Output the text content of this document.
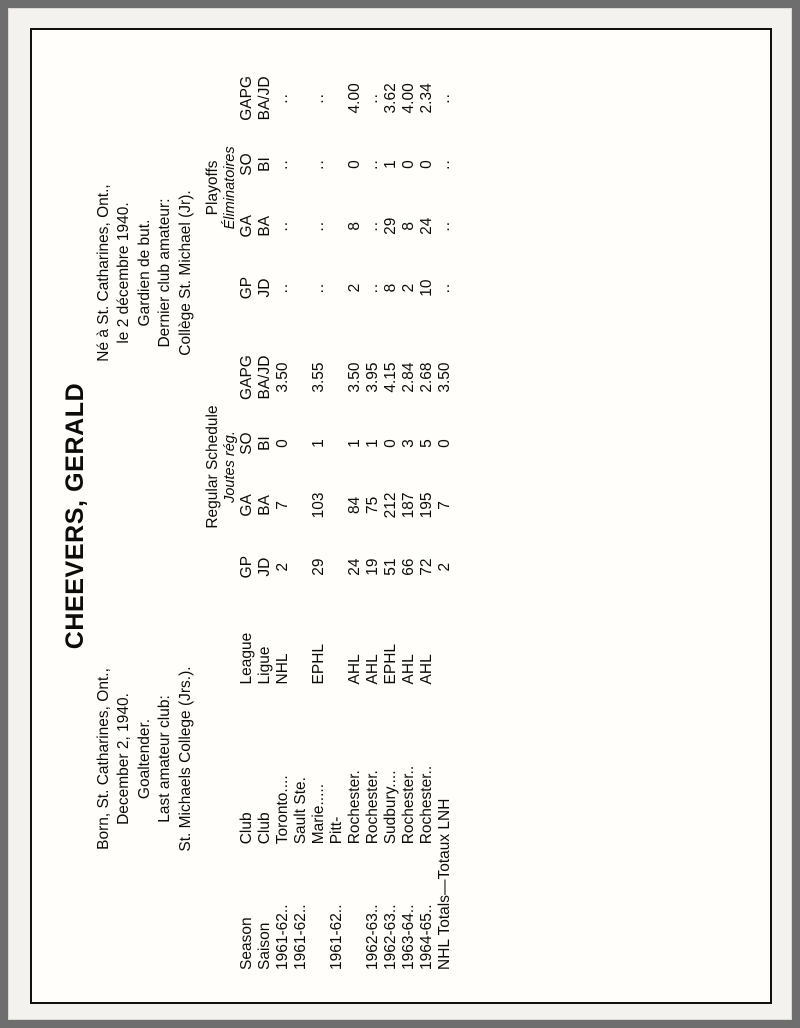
CHEEVERS, GERALD
Born, St. Catharines, Ont., December 2, 1940. Goaltender. Last amateur club: St. Michaels College (Jrs.).
Né à St. Catharines, Ont., le 2 décembre 1940. Gardien de but. Dernier club amateur: Collège St. Michael (Jr).
			Regular Schedule					Playoffs			
			Joutes rég.					Éliminatoires			
Season	Club	League	GP	GA	SO	GAPG		GP	GA	SO	GAPG
Saison	Club	Ligue	JD	BA	BI	BA/JD		JD	BA	BI	BA/JD
1961-62..	Toronto....	NHL	2	7	0	3.50		..	..	..	..
1961-62..	Sault Ste.										
	Marie.....	EPHL	29	103	1	3.55		..	..	..	..
1961-62..	Pitt-										
	Rochester.	AHL	24	84	1	3.50		2	8	0	4.00
1962-63..	Rochester.	AHL	19	75	1	3.95		..	..	..	..
1962-63..	Sudbury....	EPHL	51	212	0	4.15		8	29	1	3.62
1963-64..	Rochester..	AHL	66	187	3	2.84		2	8	0	4.00
1964-65..	Rochester..	AHL	72	195	5	2.68		10	24	0	2.34
NHL Totals—Totaux LNH			2	7	0	3.50		..	..	..	..
